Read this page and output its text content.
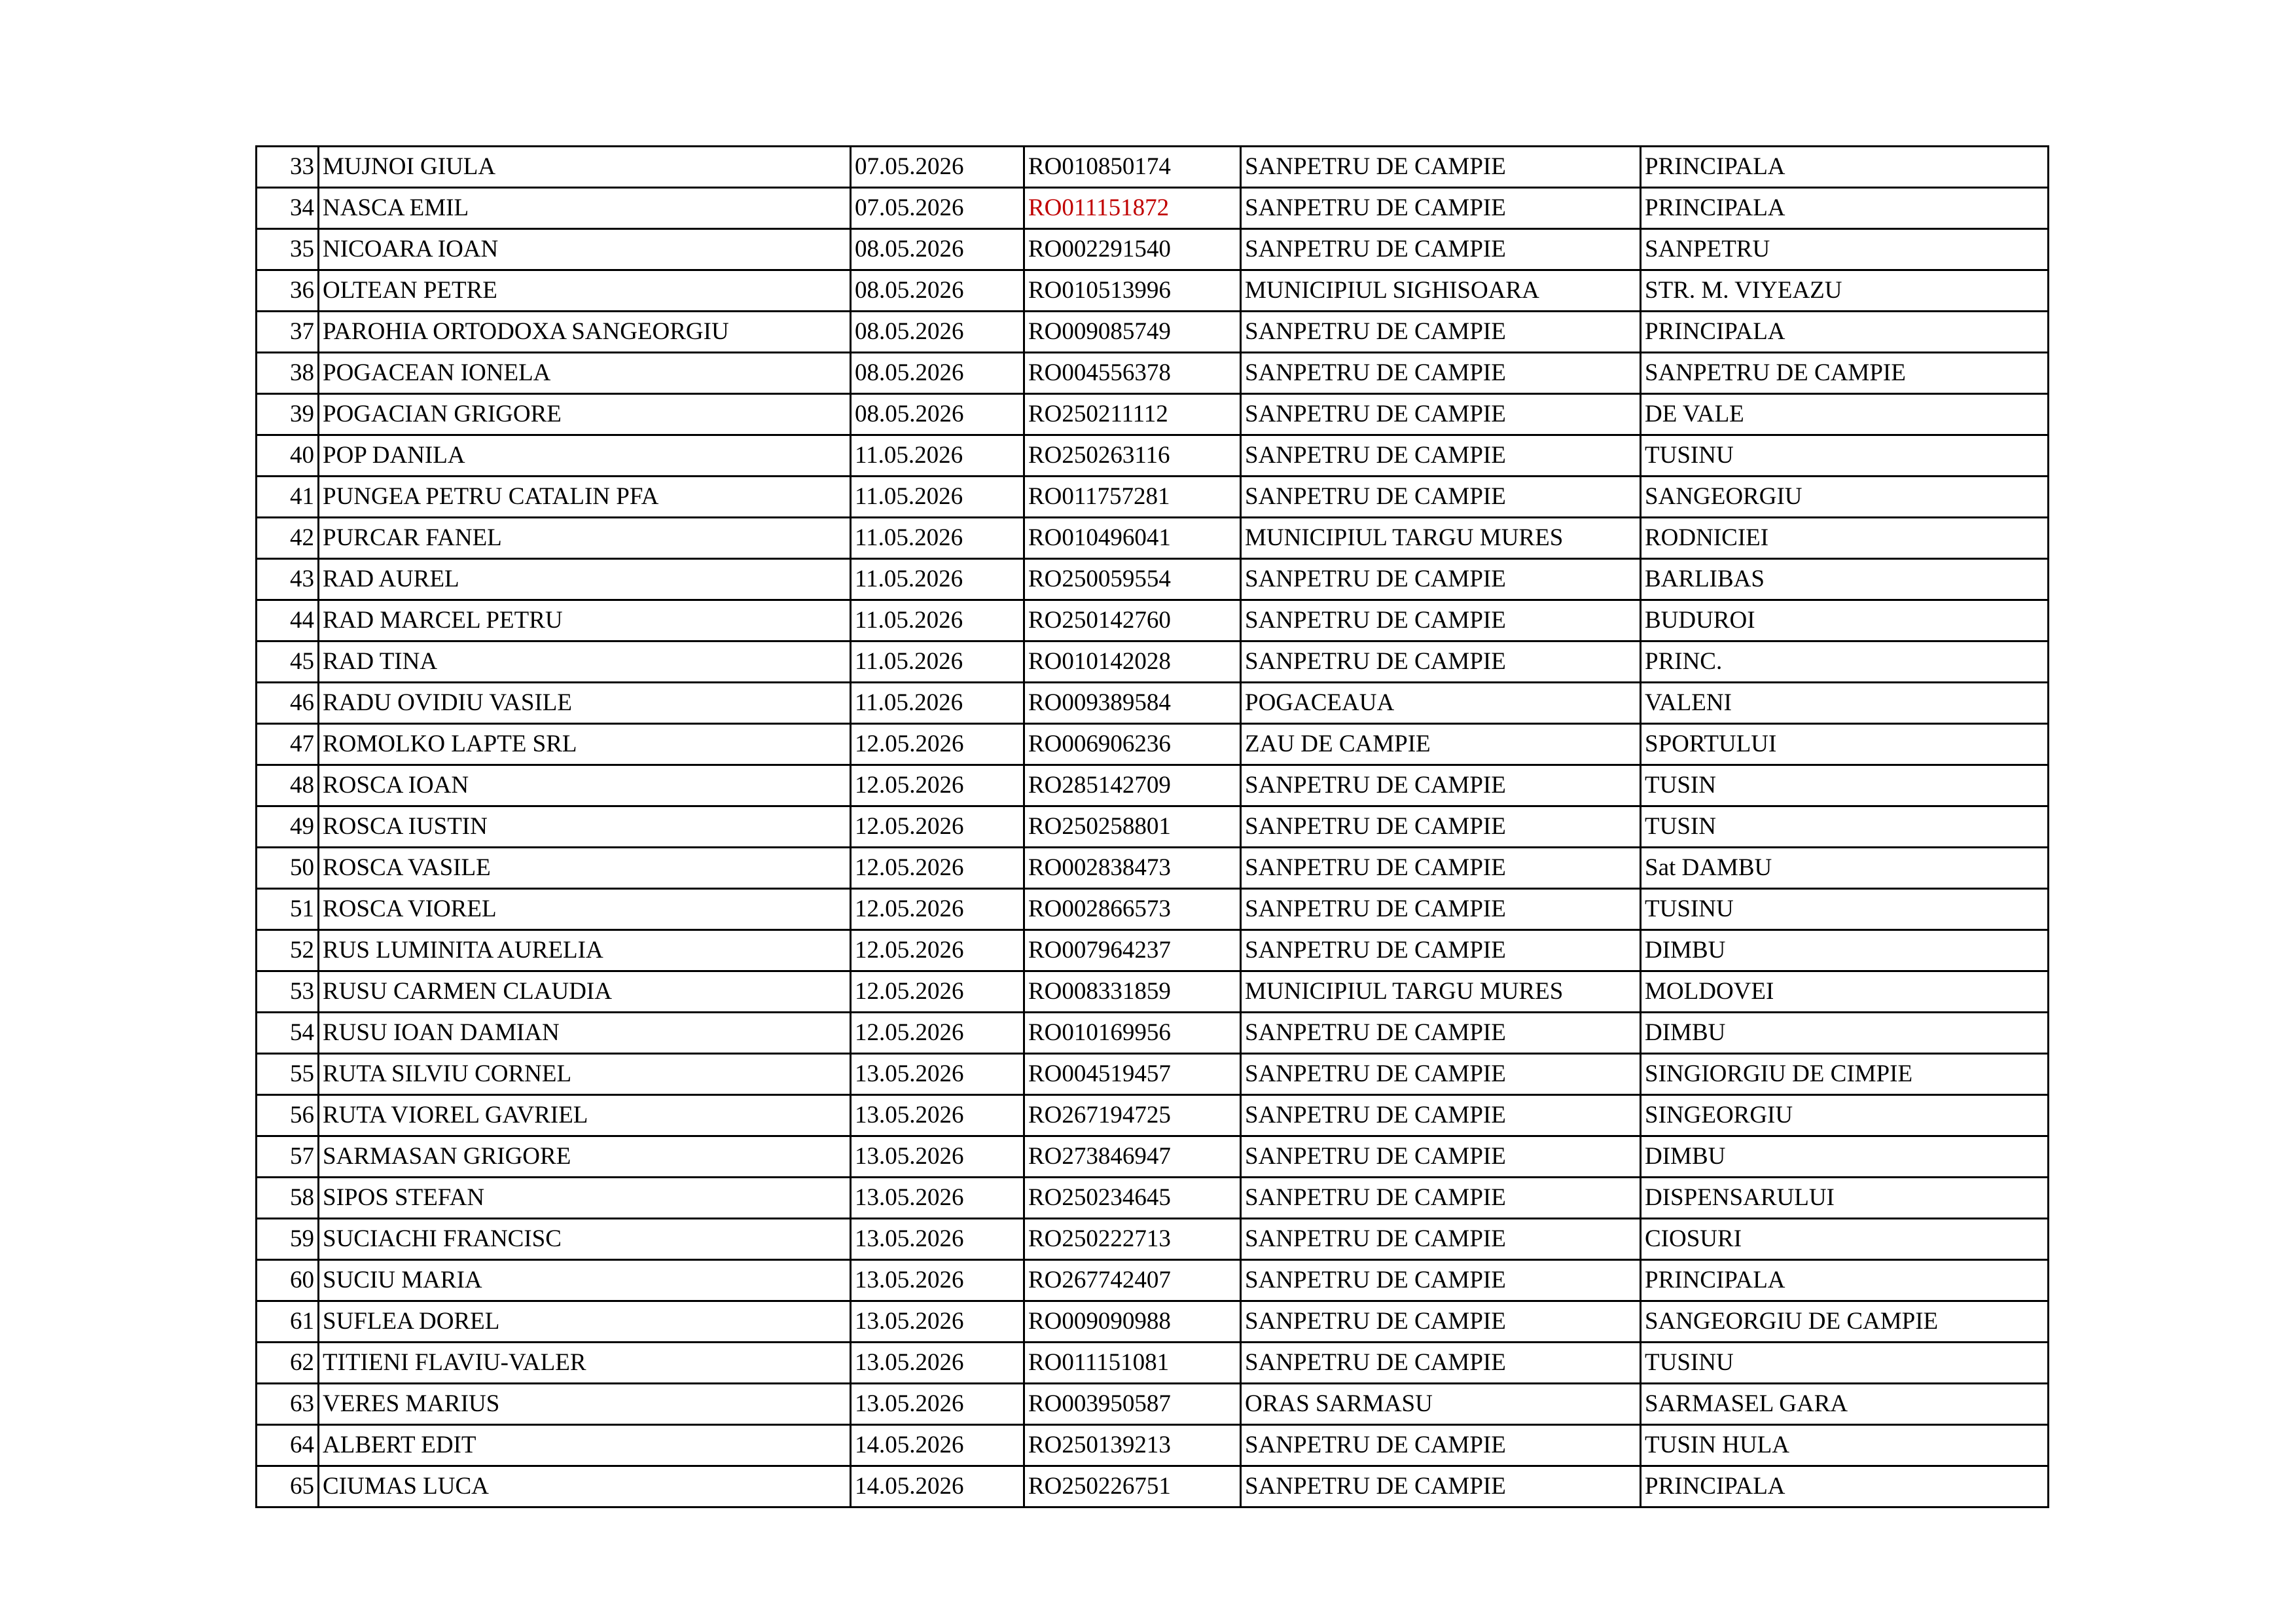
33	MUJNOI GIULA	07.05.2026	RO010850174	SANPETRU DE CAMPIE	PRINCIPALA
34	NASCA EMIL	07.05.2026	RO011151872	SANPETRU DE CAMPIE	PRINCIPALA
35	NICOARA IOAN	08.05.2026	RO002291540	SANPETRU DE CAMPIE	SANPETRU
36	OLTEAN PETRE	08.05.2026	RO010513996	MUNICIPIUL SIGHISOARA	STR. M. VIYEAZU
37	PAROHIA ORTODOXA SANGEORGIU	08.05.2026	RO009085749	SANPETRU DE CAMPIE	PRINCIPALA
38	POGACEAN IONELA	08.05.2026	RO004556378	SANPETRU DE CAMPIE	SANPETRU DE CAMPIE
39	POGACIAN GRIGORE	08.05.2026	RO250211112	SANPETRU DE CAMPIE	DE VALE
40	POP DANILA	11.05.2026	RO250263116	SANPETRU DE CAMPIE	TUSINU
41	PUNGEA PETRU CATALIN PFA	11.05.2026	RO011757281	SANPETRU DE CAMPIE	SANGEORGIU
42	PURCAR FANEL	11.05.2026	RO010496041	MUNICIPIUL TARGU MURES	RODNICIEI
43	RAD AUREL	11.05.2026	RO250059554	SANPETRU DE CAMPIE	BARLIBAS
44	RAD MARCEL PETRU	11.05.2026	RO250142760	SANPETRU DE CAMPIE	BUDUROI
45	RAD TINA	11.05.2026	RO010142028	SANPETRU DE CAMPIE	PRINC.
46	RADU OVIDIU VASILE	11.05.2026	RO009389584	POGACEAUA	VALENI
47	ROMOLKO LAPTE SRL	12.05.2026	RO006906236	ZAU DE CAMPIE	SPORTULUI
48	ROSCA IOAN	12.05.2026	RO285142709	SANPETRU DE CAMPIE	TUSIN
49	ROSCA IUSTIN	12.05.2026	RO250258801	SANPETRU DE CAMPIE	TUSIN
50	ROSCA VASILE	12.05.2026	RO002838473	SANPETRU DE CAMPIE	Sat DAMBU
51	ROSCA VIOREL	12.05.2026	RO002866573	SANPETRU DE CAMPIE	TUSINU
52	RUS LUMINITA AURELIA	12.05.2026	RO007964237	SANPETRU DE CAMPIE	DIMBU
53	RUSU CARMEN CLAUDIA	12.05.2026	RO008331859	MUNICIPIUL TARGU MURES	MOLDOVEI
54	RUSU IOAN DAMIAN	12.05.2026	RO010169956	SANPETRU DE CAMPIE	DIMBU
55	RUTA SILVIU CORNEL	13.05.2026	RO004519457	SANPETRU DE CAMPIE	SINGIORGIU DE CIMPIE
56	RUTA VIOREL GAVRIEL	13.05.2026	RO267194725	SANPETRU DE CAMPIE	SINGEORGIU
57	SARMASAN GRIGORE	13.05.2026	RO273846947	SANPETRU DE CAMPIE	DIMBU
58	SIPOS STEFAN	13.05.2026	RO250234645	SANPETRU DE CAMPIE	DISPENSARULUI
59	SUCIACHI FRANCISC	13.05.2026	RO250222713	SANPETRU DE CAMPIE	CIOSURI
60	SUCIU MARIA	13.05.2026	RO267742407	SANPETRU DE CAMPIE	PRINCIPALA
61	SUFLEA DOREL	13.05.2026	RO009090988	SANPETRU DE CAMPIE	SANGEORGIU DE CAMPIE
62	TITIENI FLAVIU-VALER	13.05.2026	RO011151081	SANPETRU DE CAMPIE	TUSINU
63	VERES MARIUS	13.05.2026	RO003950587	ORAS SARMASU	SARMASEL GARA
64	ALBERT EDIT	14.05.2026	RO250139213	SANPETRU DE CAMPIE	TUSIN HULA
65	CIUMAS LUCA	14.05.2026	RO250226751	SANPETRU DE CAMPIE	PRINCIPALA
